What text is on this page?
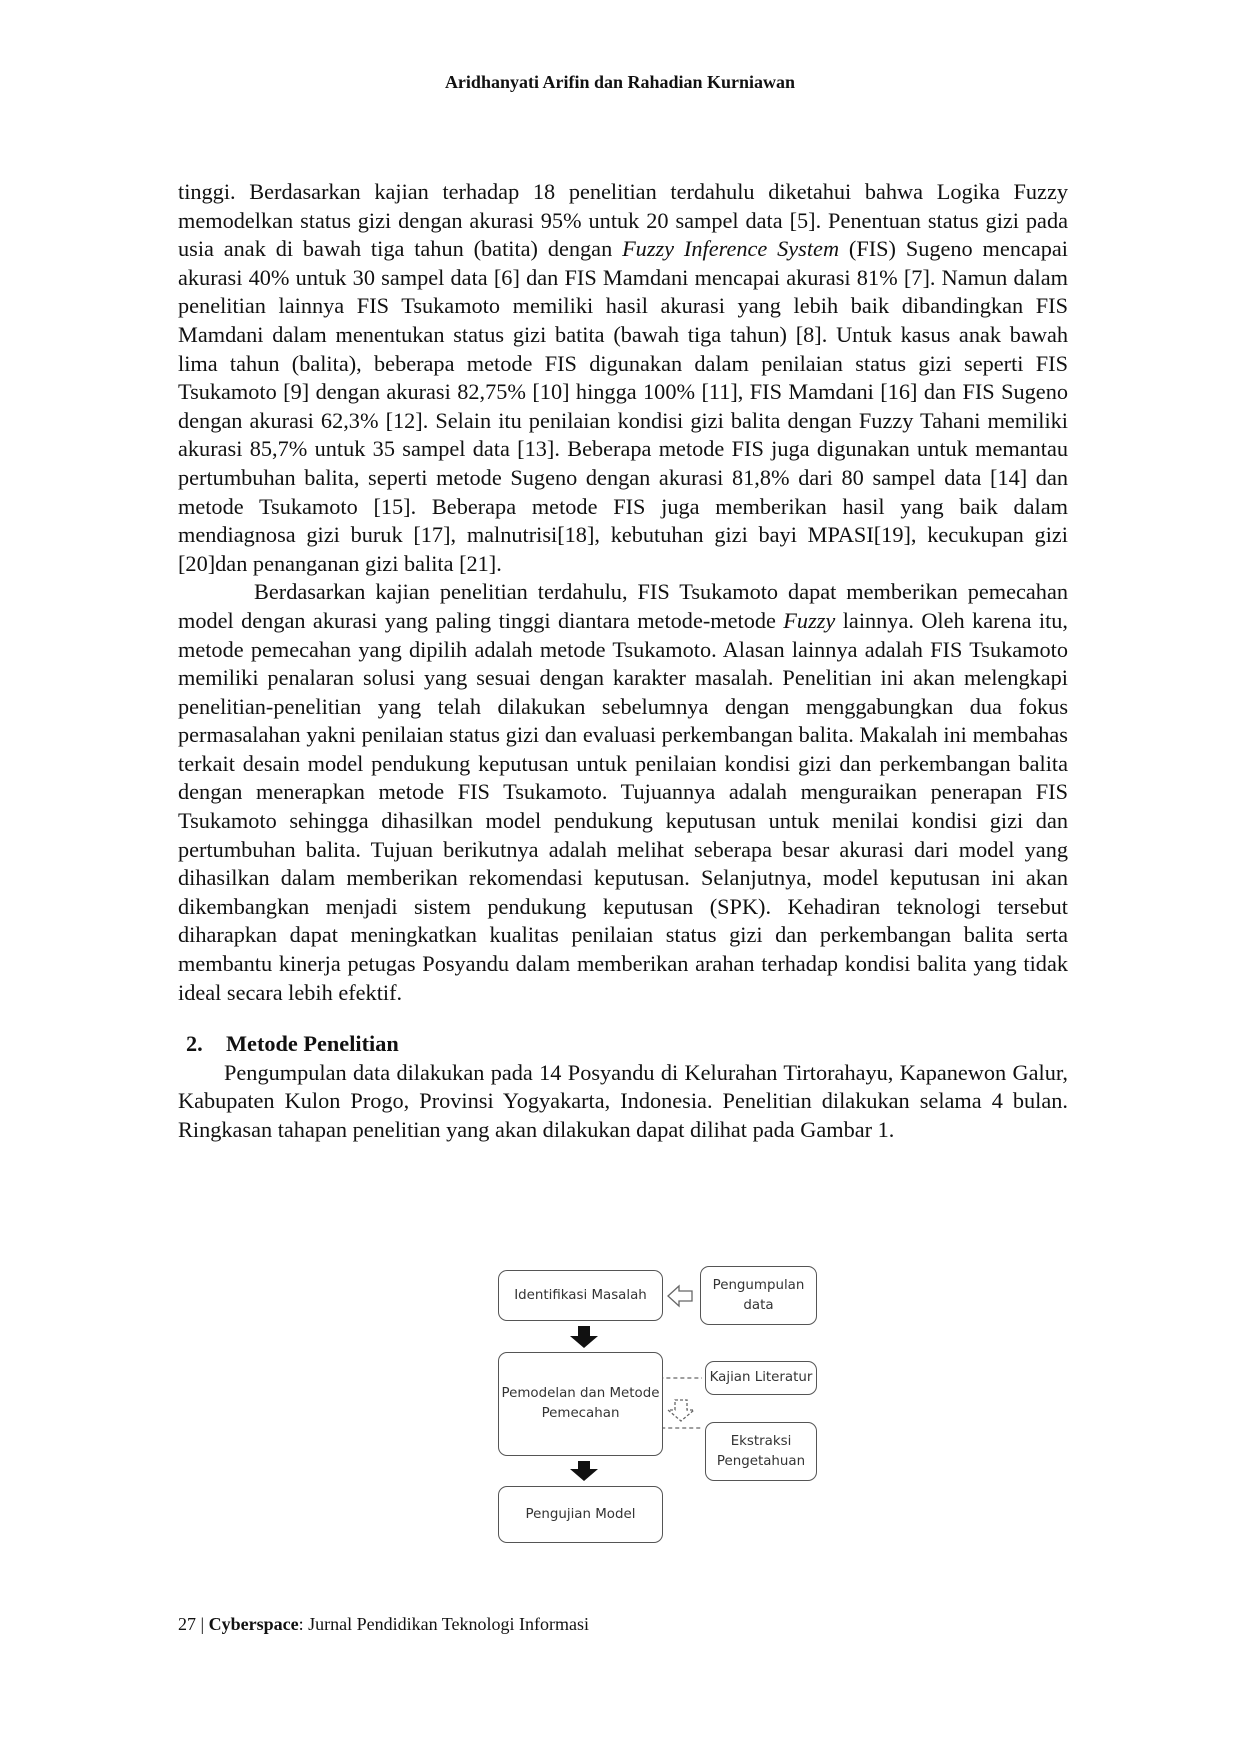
Aridhanyati Arifin dan Rahadian Kurniawan

tinggi. Berdasarkan kajian terhadap 18 penelitian terdahulu diketahui bahwa Logika Fuzzy memodelkan status gizi dengan akurasi 95% untuk 20 sampel data [5]. Penentuan status gizi pada usia anak di bawah tiga tahun (batita) dengan Fuzzy Inference System (FIS) Sugeno mencapai akurasi 40% untuk 30 sampel data [6] dan FIS Mamdani mencapai akurasi 81% [7]. Namun dalam penelitian lainnya FIS Tsukamoto memiliki hasil akurasi yang lebih baik dibandingkan FIS Mamdani dalam menentukan status gizi batita (bawah tiga tahun) [8]. Untuk kasus anak bawah lima tahun (balita), beberapa metode FIS digunakan dalam penilaian status gizi seperti FIS Tsukamoto [9] dengan akurasi 82,75% [10] hingga 100% [11], FIS Mamdani [16] dan FIS Sugeno dengan akurasi 62,3% [12]. Selain itu penilaian kondisi gizi balita dengan Fuzzy Tahani memiliki akurasi 85,7% untuk 35 sampel data [13]. Beberapa metode FIS juga digunakan untuk memantau pertumbuhan balita, seperti metode Sugeno dengan akurasi 81,8% dari 80 sampel data [14] dan metode Tsukamoto [15]. Beberapa metode FIS juga memberikan hasil yang baik dalam mendiagnosa gizi buruk [17], malnutrisi[18], kebutuhan gizi bayi MPASI[19], kecukupan gizi [20]dan penanganan gizi balita [21].

Berdasarkan kajian penelitian terdahulu, FIS Tsukamoto dapat memberikan pemecahan model dengan akurasi yang paling tinggi diantara metode-metode Fuzzy lainnya. Oleh karena itu, metode pemecahan yang dipilih adalah metode Tsukamoto. Alasan lainnya adalah FIS Tsukamoto memiliki penalaran solusi yang sesuai dengan karakter masalah. Penelitian ini akan melengkapi penelitian-penelitian yang telah dilakukan sebelumnya dengan menggabungkan dua fokus permasalahan yakni penilaian status gizi dan evaluasi perkembangan balita. Makalah ini membahas terkait desain model pendukung keputusan untuk penilaian kondisi gizi dan perkembangan balita dengan menerapkan metode FIS Tsukamoto. Tujuannya adalah menguraikan penerapan FIS Tsukamoto sehingga dihasilkan model pendukung keputusan untuk menilai kondisi gizi dan pertumbuhan balita. Tujuan berikutnya adalah melihat seberapa besar akurasi dari model yang dihasilkan dalam memberikan rekomendasi keputusan. Selanjutnya, model keputusan ini akan dikembangkan menjadi sistem pendukung keputusan (SPK). Kehadiran teknologi tersebut diharapkan dapat meningkatkan kualitas penilaian status gizi dan perkembangan balita serta membantu kinerja petugas Posyandu dalam memberikan arahan terhadap kondisi balita yang tidak ideal secara lebih efektif.

2. Metode Penelitian

Pengumpulan data dilakukan pada 14 Posyandu di Kelurahan Tirtorahayu, Kapanewon Galur, Kabupaten Kulon Progo, Provinsi Yogyakarta, Indonesia. Penelitian dilakukan selama 4 bulan. Ringkasan tahapan penelitian yang akan dilakukan dapat dilihat pada Gambar 1.

Identifikasi Masalah
Pengumpulan data
Pemodelan dan Metode Pemecahan
Kajian Literatur
Ekstraksi Pengetahuan
Pengujian Model
27 | Cyberspace: Jurnal Pendidikan Teknologi Informasi
